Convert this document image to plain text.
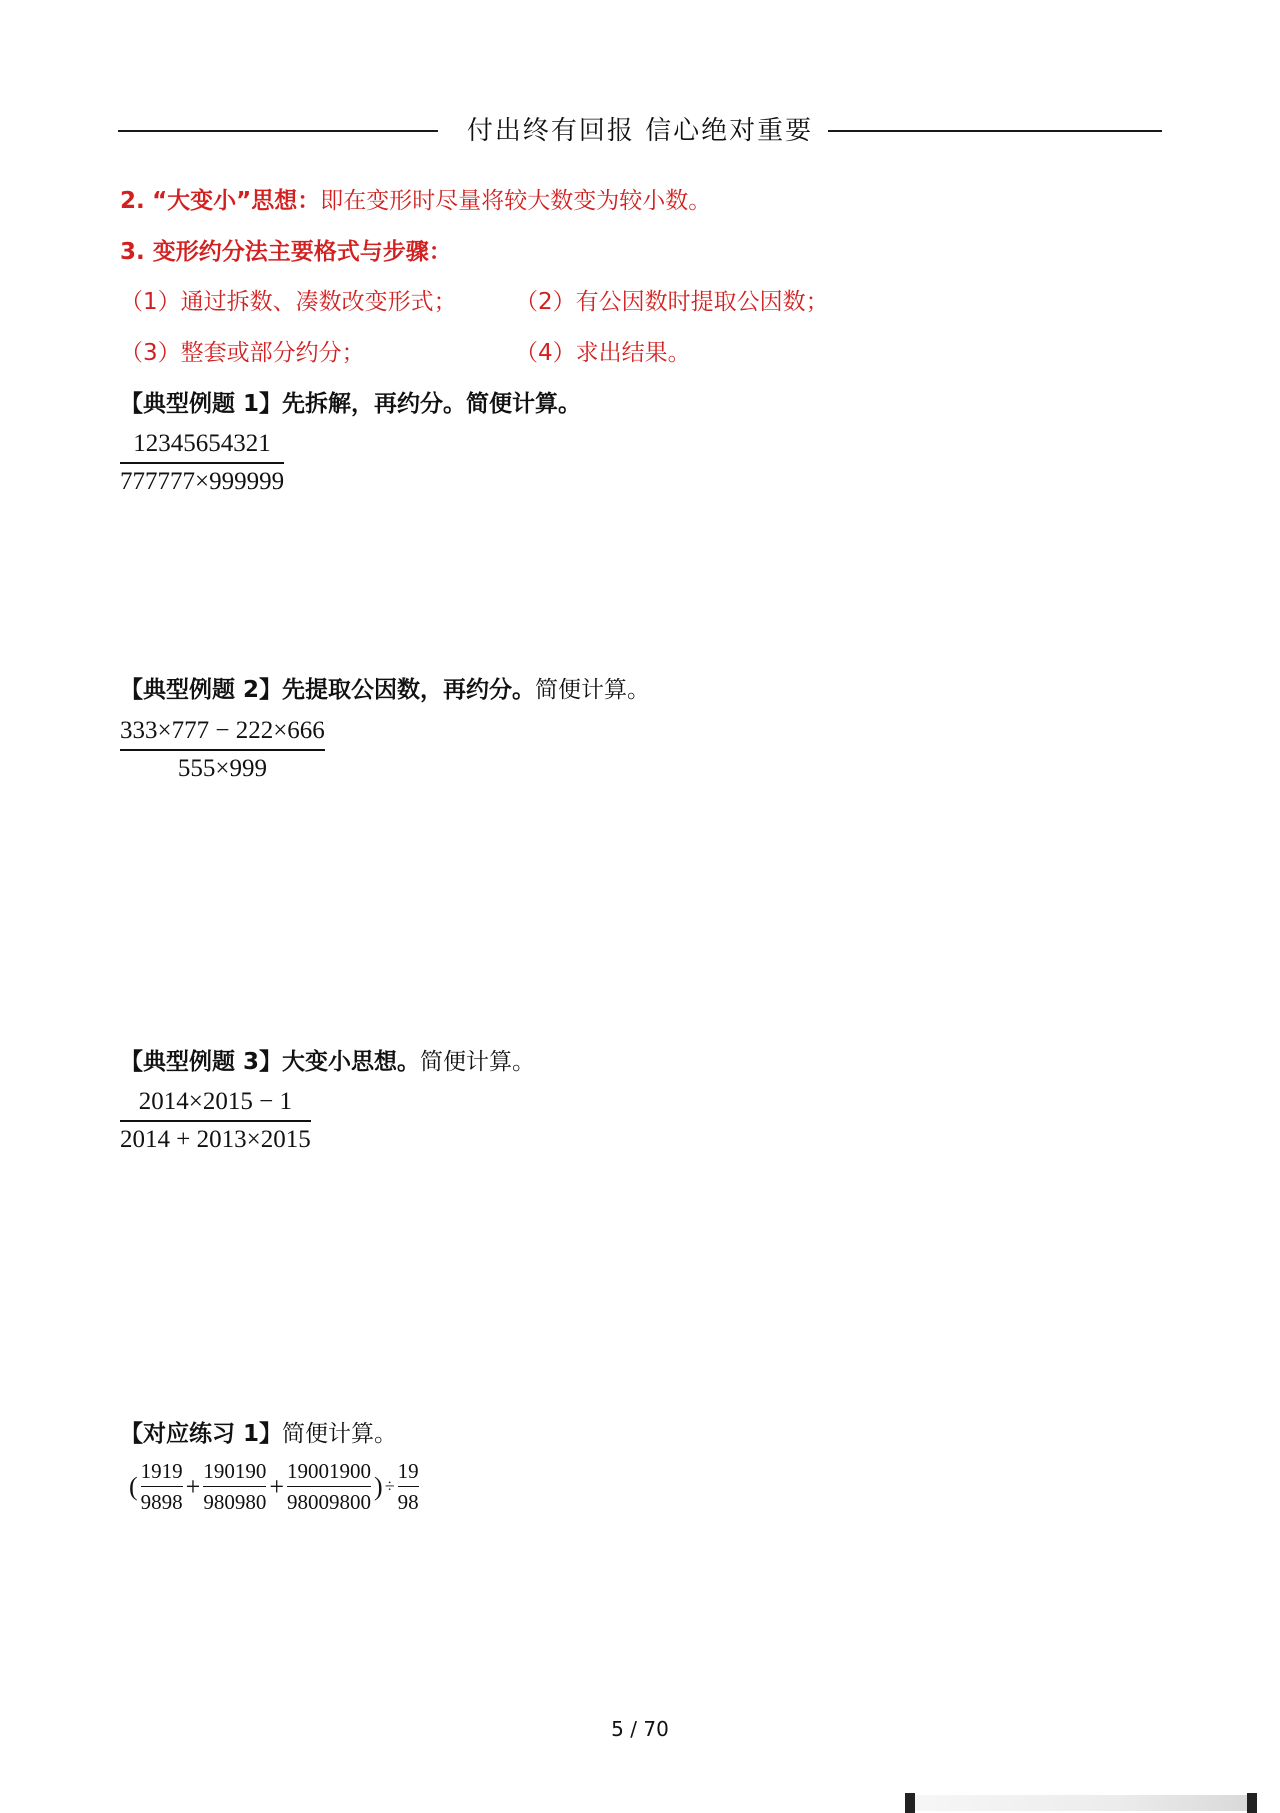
付出终有回报 信心绝对重要
2. “大变小”思想：即在变形时尽量将较大数变为较小数。
3. 变形约分法主要格式与步骤：
（1）通过拆数、凑数改变形式；	（2）有公因数时提取公因数；
（3）整套或部分约分；	（4）求出结果。
【典型例题 1】先拆解，再约分。简便计算。
12345654321
777777×999999
【典型例题 2】先提取公因数，再约分。简便计算。
333×777 − 222×666
555×999
【典型例题 3】大变小思想。简便计算。
2014×2015 − 1
2014 + 2013×2015
【对应练习 1】简便计算。
(
1919
9898
+
190190
980980
+
19001900
98009800
) ÷
19
98
5 / 70
